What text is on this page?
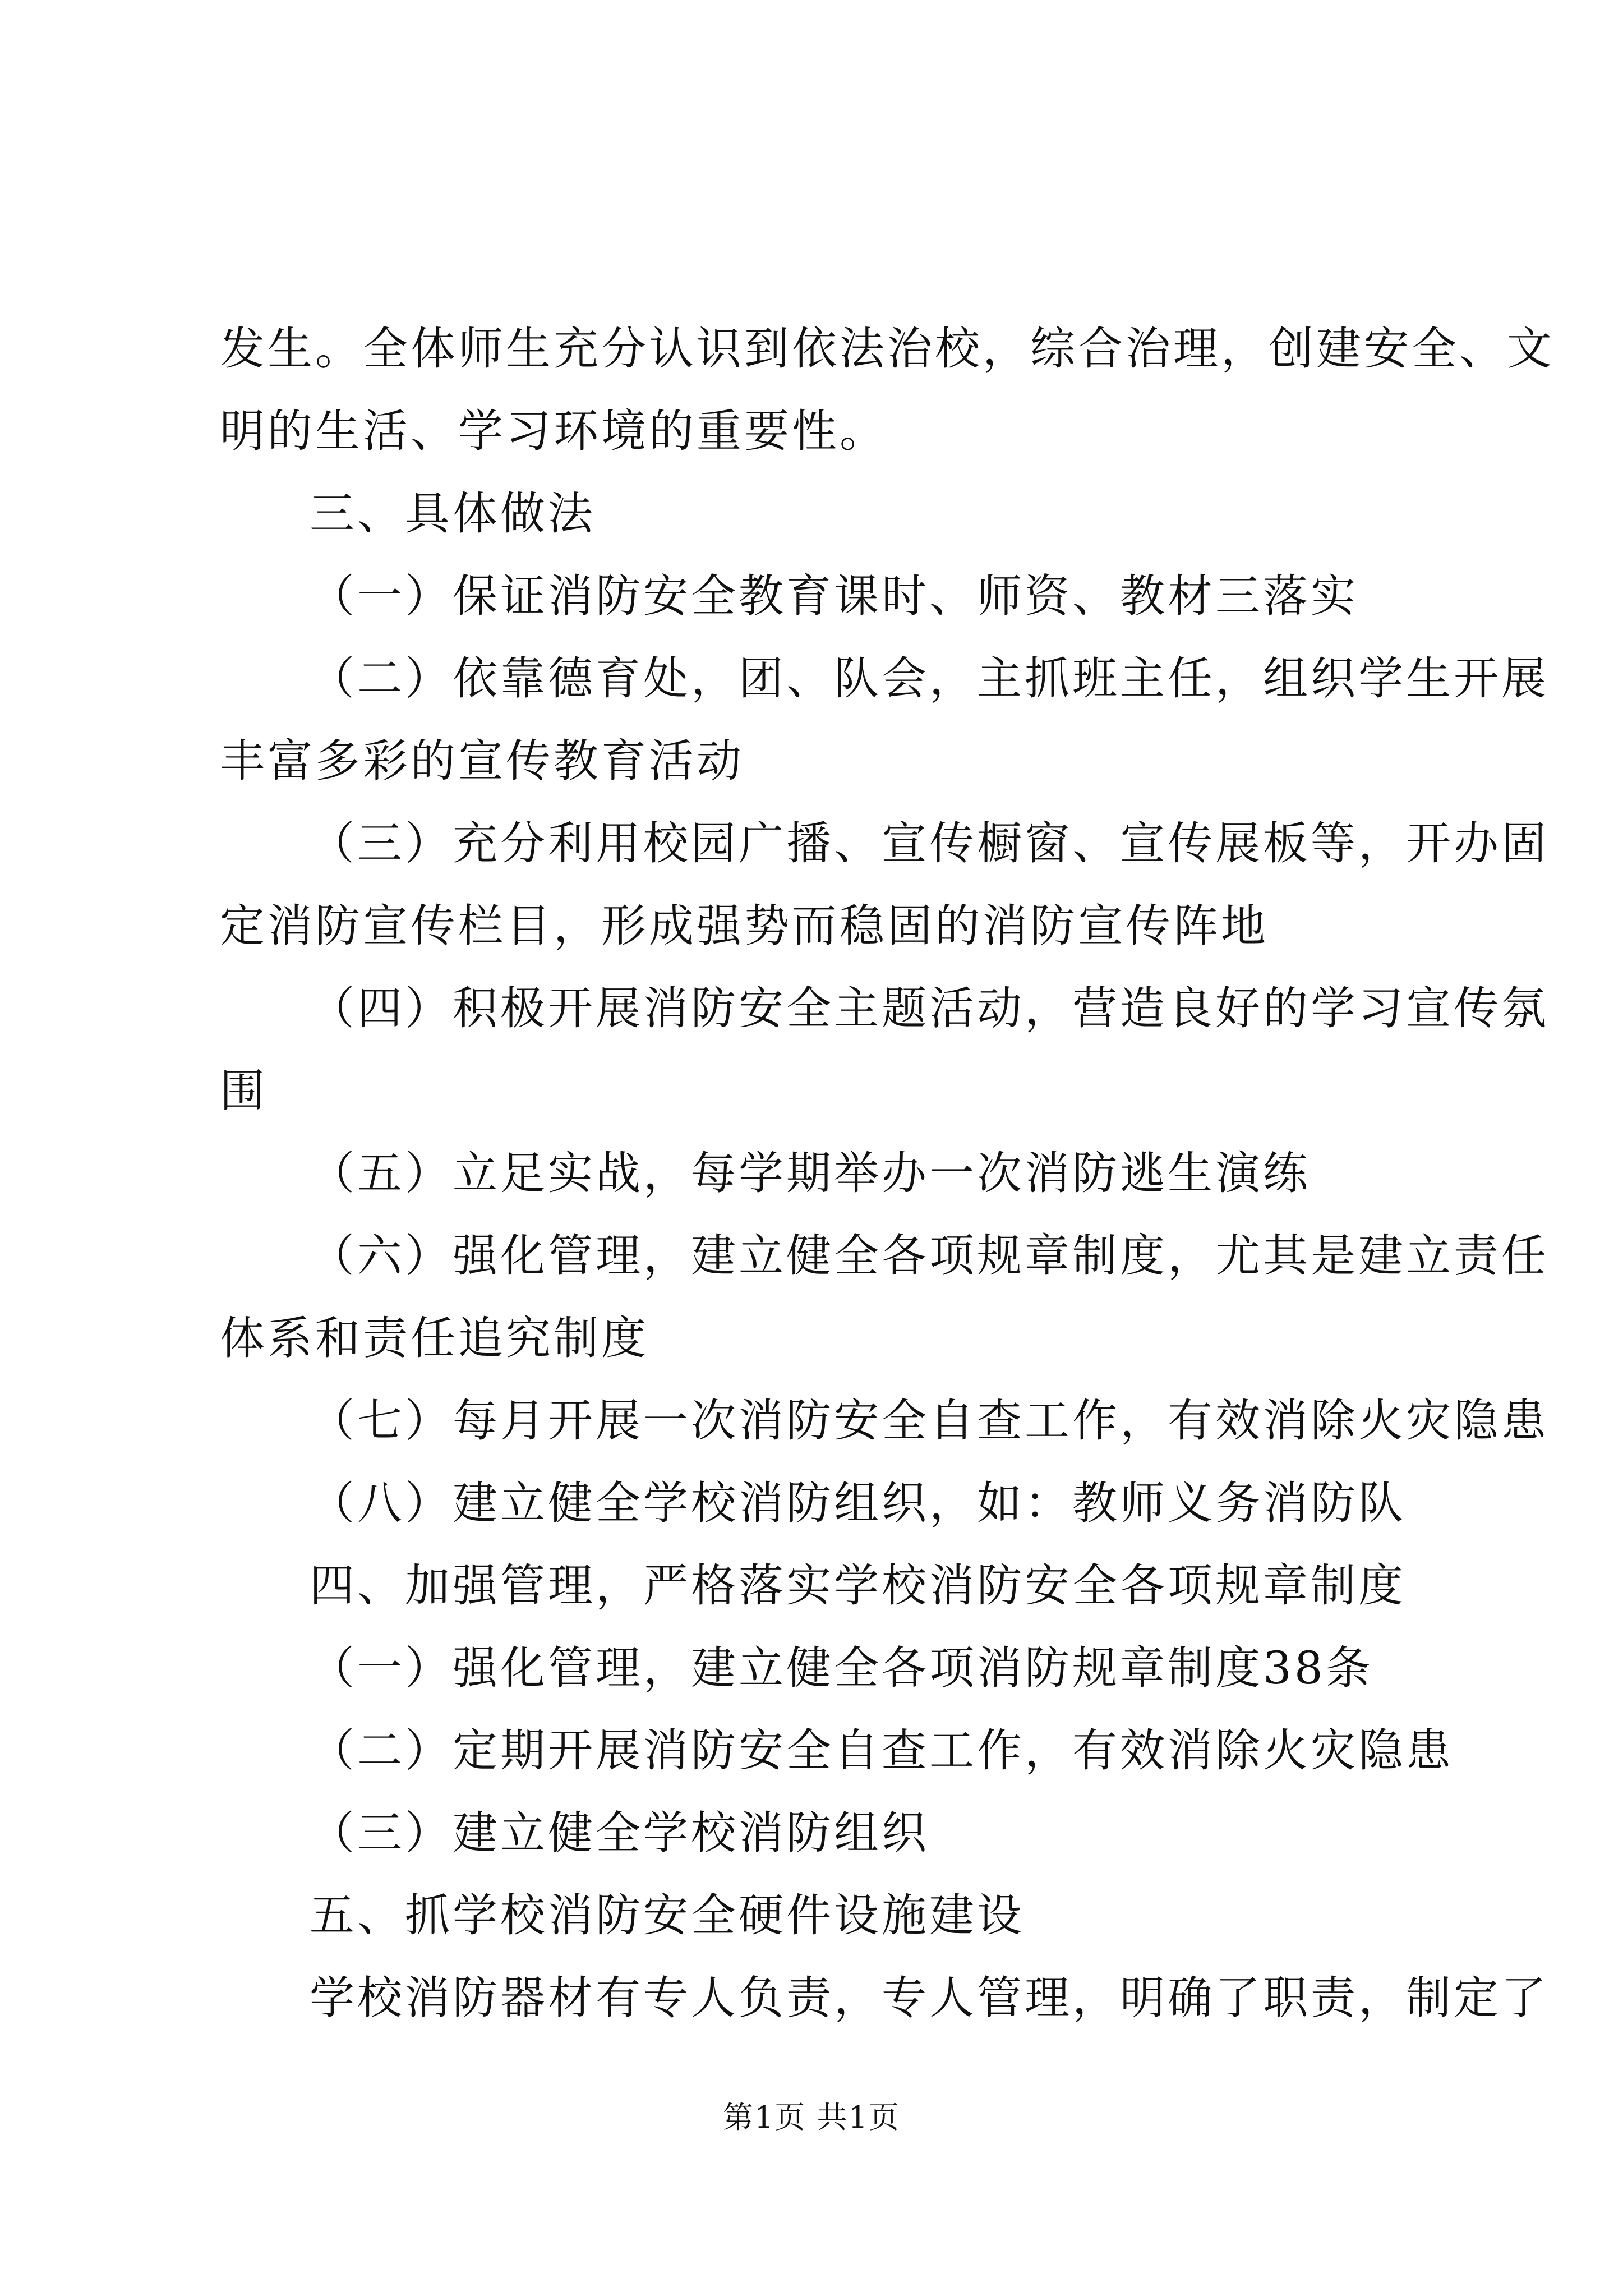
发生。全体师生充分认识到依法治校，综合治理，创建安全、文

明的生活、学习环境的重要性。

三、具体做法

（一）保证消防安全教育课时、师资、教材三落实

（二）依靠德育处，团、队会，主抓班主任，组织学生开展

丰富多彩的宣传教育活动

（三）充分利用校园广播、宣传橱窗、宣传展板等，开办固

定消防宣传栏目，形成强势而稳固的消防宣传阵地

（四）积极开展消防安全主题活动，营造良好的学习宣传氛

围

（五）立足实战，每学期举办一次消防逃生演练

（六）强化管理，建立健全各项规章制度，尤其是建立责任

体系和责任追究制度

（七）每月开展一次消防安全自查工作，有效消除火灾隐患

（八）建立健全学校消防组织，如：教师义务消防队

四、加强管理，严格落实学校消防安全各项规章制度

（一）强化管理，建立健全各项消防规章制度38条

（二）定期开展消防安全自查工作，有效消除火灾隐患

（三）建立健全学校消防组织

五、抓学校消防安全硬件设施建设

学校消防器材有专人负责，专人管理，明确了职责，制定了

第1页 共1页
